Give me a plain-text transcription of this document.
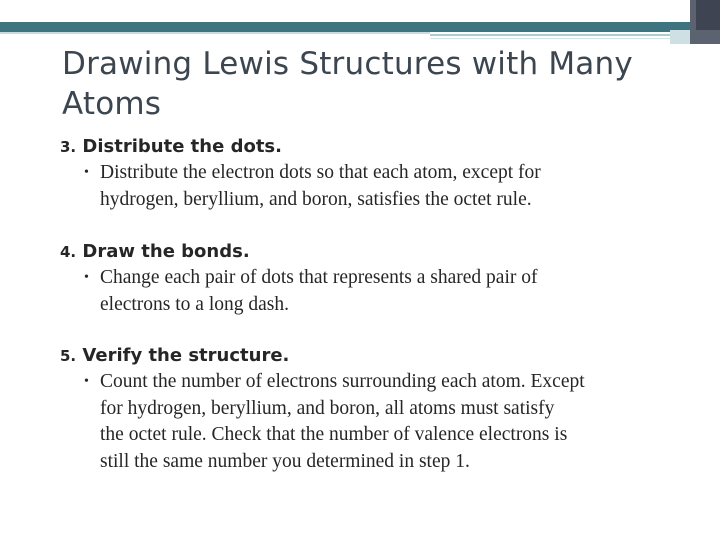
Drawing Lewis Structures with Many Atoms
3. Distribute the dots.
• Distribute the electron dots so that each atom, except for
hydrogen, beryllium, and boron, satisfies the octet rule.
4. Draw the bonds.
• Change each pair of dots that represents a shared pair of
electrons to a long dash.
5. Verify the structure.
• Count the number of electrons surrounding each atom. Except
for hydrogen, beryllium, and boron, all atoms must satisfy
the octet rule. Check that the number of valence electrons is
still the same number you determined in step 1.
